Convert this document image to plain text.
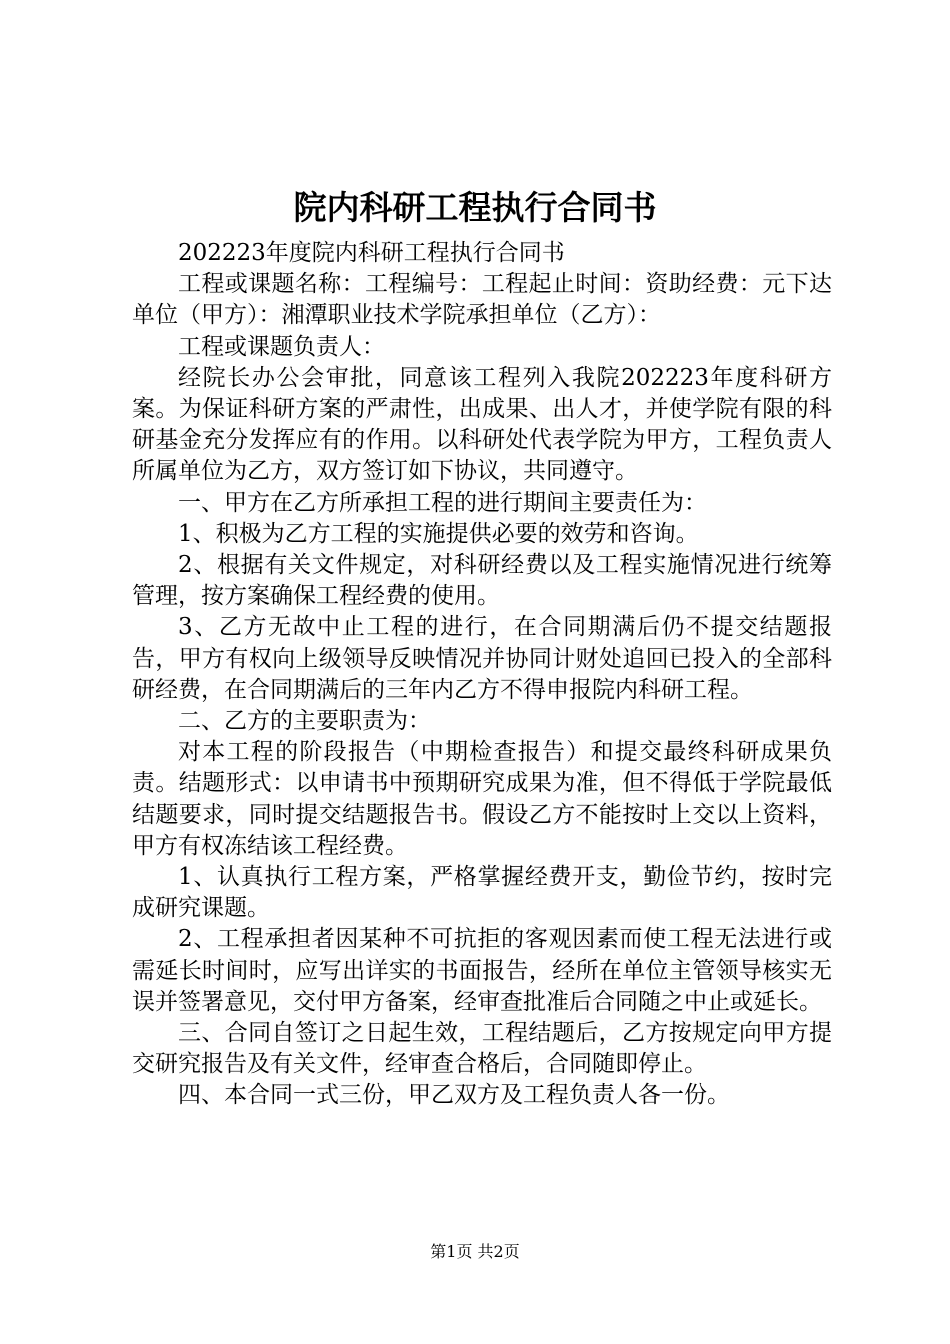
院内科研工程执行合同书

202223年度院内科研工程执行合同书

工程或课题名称：工程编号：工程起止时间：资助经费：元下达单位（甲方）：湘潭职业技术学院承担单位（乙方）：

工程或课题负责人：

经院长办公会审批，同意该工程列入我院202223年度科研方案。为保证科研方案的严肃性，出成果、出人才，并使学院有限的科研基金充分发挥应有的作用。以科研处代表学院为甲方，工程负责人所属单位为乙方，双方签订如下协议，共同遵守。

一、甲方在乙方所承担工程的进行期间主要责任为：

1、积极为乙方工程的实施提供必要的效劳和咨询。

2、根据有关文件规定，对科研经费以及工程实施情况进行统筹管理，按方案确保工程经费的使用。

3、乙方无故中止工程的进行，在合同期满后仍不提交结题报告，甲方有权向上级领导反映情况并协同计财处追回已投入的全部科研经费，在合同期满后的三年内乙方不得申报院内科研工程。

二、乙方的主要职责为：

对本工程的阶段报告（中期检查报告）和提交最终科研成果负责。结题形式：以申请书中预期研究成果为准，但不得低于学院最低结题要求，同时提交结题报告书。假设乙方不能按时上交以上资料，甲方有权冻结该工程经费。

1、认真执行工程方案，严格掌握经费开支，勤俭节约，按时完成研究课题。

2、工程承担者因某种不可抗拒的客观因素而使工程无法进行或需延长时间时，应写出详实的书面报告，经所在单位主管领导核实无误并签署意见，交付甲方备案，经审查批准后合同随之中止或延长。

三、合同自签订之日起生效，工程结题后，乙方按规定向甲方提交研究报告及有关文件，经审查合格后，合同随即停止。

四、本合同一式三份，甲乙双方及工程负责人各一份。

第1页 共2页
